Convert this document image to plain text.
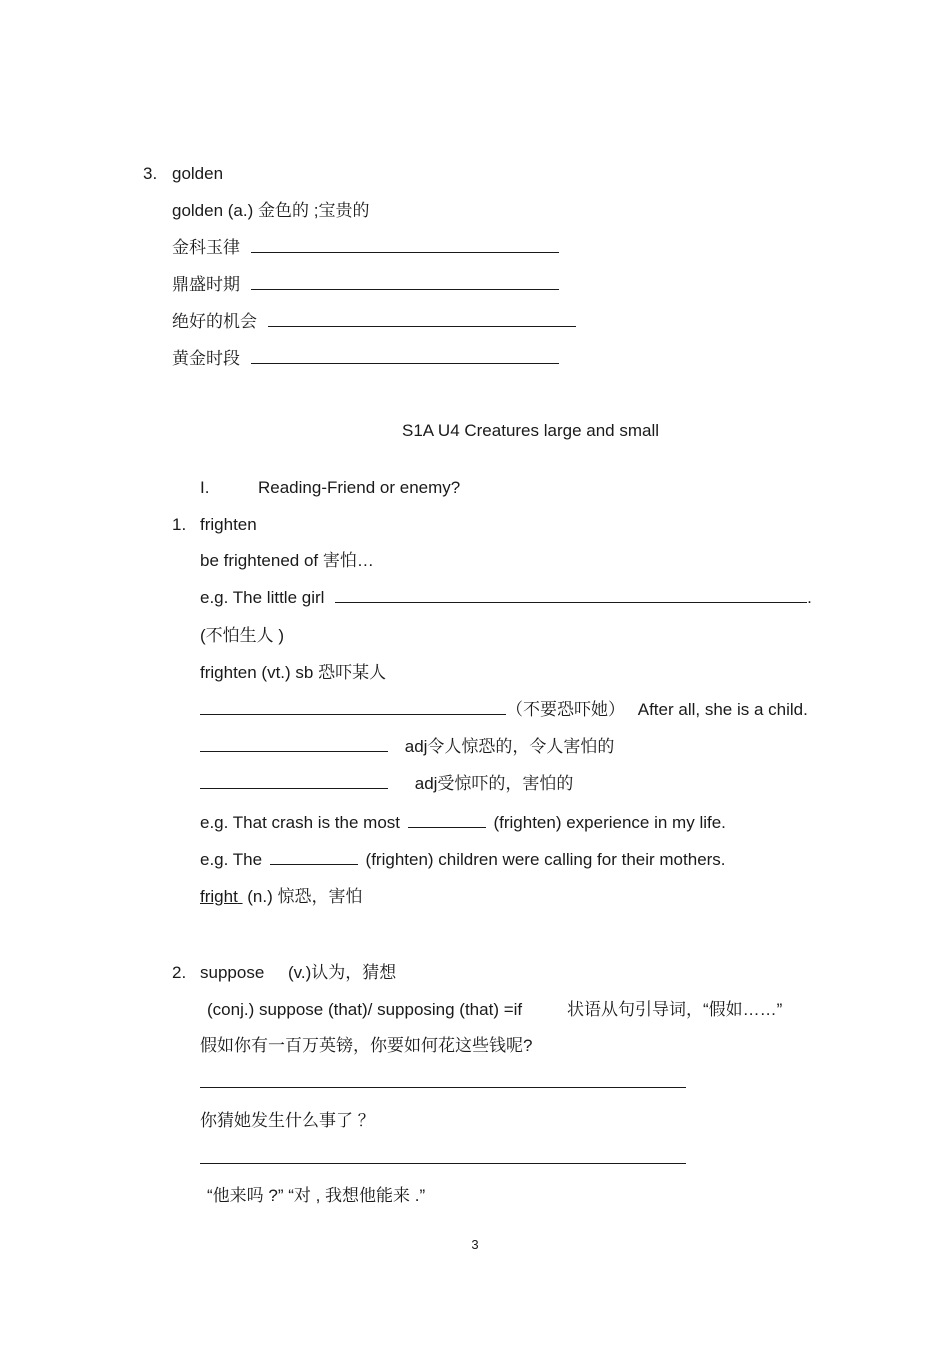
3. golden
golden (a.) 金色的 ;宝贵的
金科玉律
鼎盛时期
绝好的机会
黄金时段
S1A U4 Creatures large and small
I.	Reading-Friend or enemy?
1. frighten
be frightened of 害怕…
e.g. The little girl	.
(不怕生人 )
frighten (vt.) sb 恐吓某人
（不要恐吓她） After all, she is a child.
adj令人惊恐的，令人害怕的
adj受惊吓的，害怕的
e.g. That crash is the most	(frighten) experience in my life.
e.g. The	(frighten) children were calling for their mothers.
fright (n.) 惊恐，害怕
2. suppose (v.)认为，猜想
(conj.) suppose (that)/ supposing (that) =if	状语从句引导词，“假如……”
假如你有一百万英镑，你要如何花这些钱呢?
你猜她发生什么事了 ？
“他来吗 ?” “对 , 我想他能来 .”
3
